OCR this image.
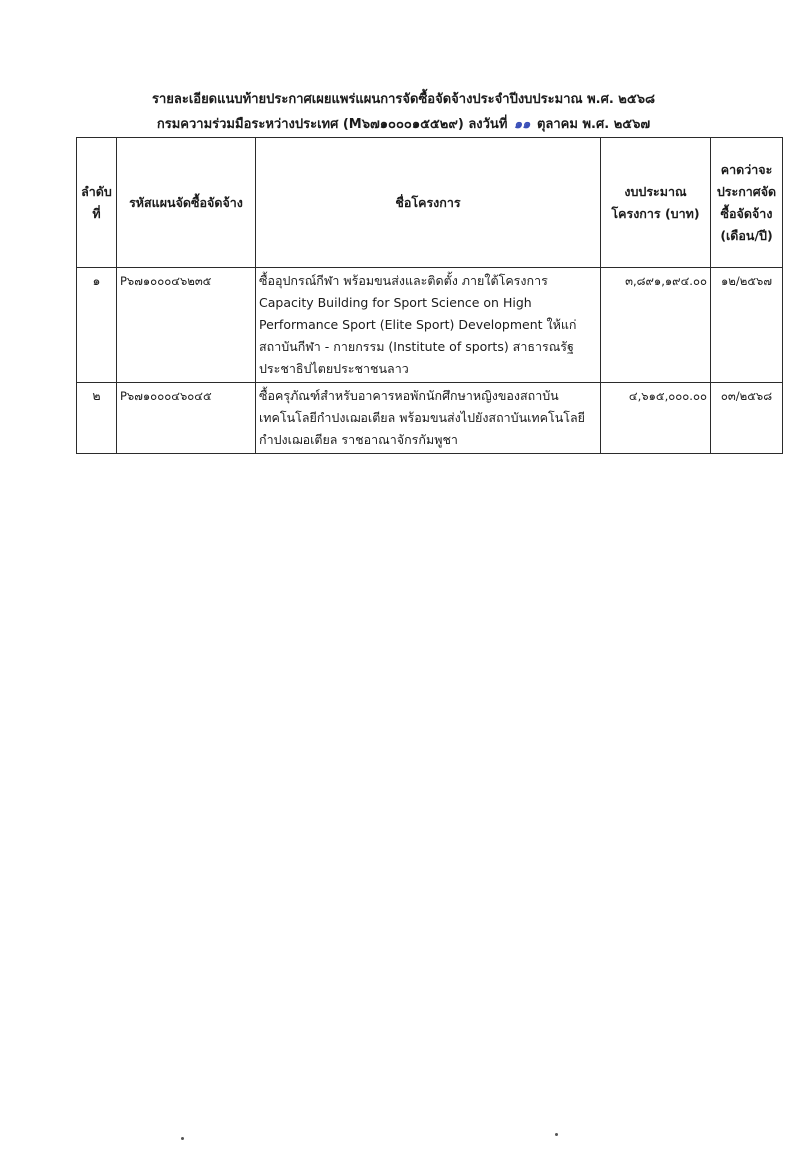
รายละเอียดแนบท้ายประกาศเผยแพร่แผนการจัดซื้อจัดจ้างประจำปีงบประมาณ พ.ศ. ๒๕๖๘
กรมความร่วมมือระหว่างประเทศ (M๖๗๑๐๐๐๑๕๕๒๙) ลงวันที่ ๑๑ ตุลาคม พ.ศ. ๒๕๖๗
ลำดับที่	รหัสแผนจัดซื้อจัดจ้าง	ชื่อโครงการ	งบประมาณโครงการ (บาท)	คาดว่าจะประกาศจัดซื้อจัดจ้าง (เดือน/ปี)
๑	P๖๗๑๐๐๐๔๖๒๓๕	ซื้ออุปกรณ์กีฬา พร้อมขนส่งและติดตั้ง ภายใต้โครงการ Capacity Building for Sport Science on High Performance Sport (Elite Sport) Development ให้แก่ สถาบันกีฬา - กายกรรม (Institute of sports) สาธารณรัฐประชาธิปไตยประชาชนลาว	๓,๘๙๑,๑๙๔.๐๐	๑๒/๒๕๖๗
๒	P๖๗๑๐๐๐๔๖๐๔๕	ซื้อครุภัณฑ์สำหรับอาคารหอพักนักศึกษาหญิงของสถาบันเทคโนโลยีกำปงเฌอเตียล พร้อมขนส่งไปยังสถาบันเทคโนโลยีกำปงเฌอเตียล ราชอาณาจักรกัมพูชา	๔,๖๑๕,๐๐๐.๐๐	๐๓/๒๕๖๘
